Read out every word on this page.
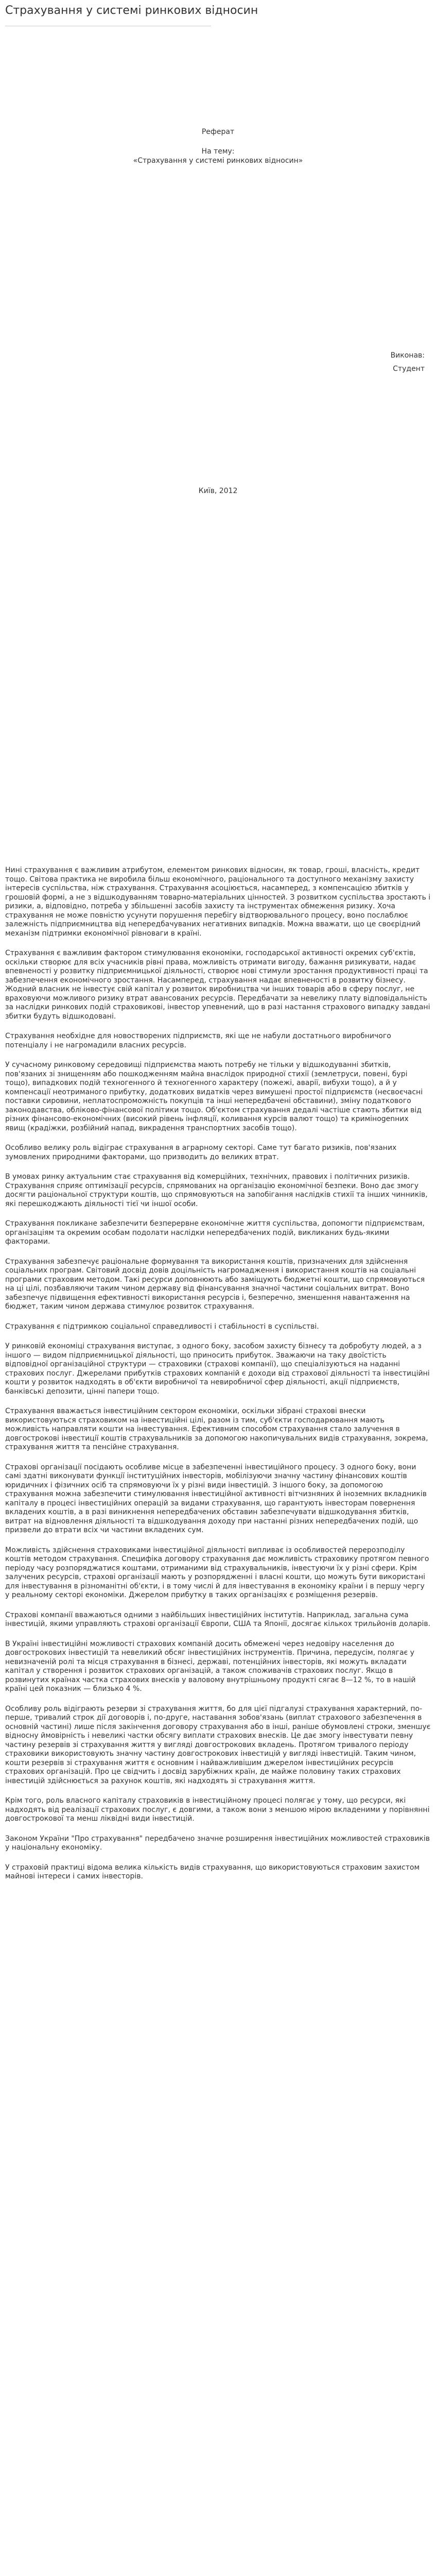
Страхування у системі ринкових відносин
Реферат
На тему:
«Страхування у системі ринкових відносин»
Виконав:
Студент
Київ, 2012

Нині страхування є важливим атрибутом, елементом ринкових відносин, як товар, гроші, власність, кредит тощо. Світова практика не виробила більш економічного, раціонального та доступного механізму захисту інтересів суспільства, ніж страхування. Страхування асоціюється, насамперед, з компенсацією збитків у грошовій формі, а не з відшкодуванням товарно-матеріальних цінностей. З розвитком суспільства зростають і ризики, а, відповідно, потреба у збільшенні засобів захисту та інструментах обмеження ризику. Хоча страхування не може повністю усунути порушення перебігу відтворювального процесу, воно послаблює залежність підприємництва від непередбачуваних негативних випадків. Можна вважати, що це своєрідний механізм підтримки економічної рівноваги в країні.

Страхування є важливим фактором стимулювання економіки, господарської активності окремих суб'єктів, оскільки створює для всіх учасників рівні права, можливість отримати вигоду, бажання ризикувати, надає впевненості у розвитку підприємницької діяльності, створює нові стимули зростання продуктивності праці та забезпечення економічного зростання. Насамперед, страхування надає впевненості в розвитку бізнесу. Жодний власник не інвестує свій капітал у розвиток виробництва чи інших товарів або в сферу послуг, не враховуючи можливого ризику втрат авансованих ресурсів. Передбачати за невелику плату відповідальність за наслідки ринкових подій страховикові, інвестор упевнений, що в разі настання страхового випадку завдані збитки будуть відшкодовані.

Страхування необхідне для новостворених підприємств, які ще не набули достатнього виробничого потенціалу і не нагромадили власних ресурсів.

У сучасному ринковому середовищі підприємства мають потребу не тільки у відшкодуванні збитків, пов'язаних зі знищенням або пошкодженням майна внаслідок природної стихії (землетруси, повені, бурі тощо), випадкових подій техногенного й техногенного характеру (пожежі, аварії, вибухи тощо), а й у компенсації неотриманого прибутку, додаткових видатків через вимушені простої підприємств (несвоєчасні поставки сировини, неплатоспроможність покупців та інші непередбачені обставини), зміну податкового законодавства, обліково-фінансової політики тощо. Об'єктом страхування дедалі частіше стають збитки від різних фінансово-економічних (високий рівень інфляції, коливання курсів валют тощо) та кримінogenних явищ (крадіжки, розбійний напад, викрадення транспортних засобів тощо).

Особливо велику роль відіграє страхування в аграрному секторі. Саме тут багато ризиків, пов'язаних зумовлених природними факторами, що призводить до великих втрат.

В умовах ринку актуальним стає страхування від комерційних, технічних, правових і політичних ризиків. Страхування сприяє оптимізації ресурсів, спрямованих на організацію економічної безпеки. Воно дає змогу досягти раціональної структури коштів, що спрямовуються на запобігання наслідків стихії та інших чинників, які перешкоджають діяльності тієї чи іншої особи.

Страхування покликане забезпечити безперервне економічне життя суспільства, допомогти підприємствам, організаціям та окремим особам подолати наслідки непередбачених подій, викликаних будь-якими факторами.

Страхування забезпечує раціональне формування та використання коштів, призначених для здійснення соціальних програм. Світовий досвід довів доцільність нагромадження і використання коштів на соціальні програми страховим методом. Такі ресурси доповнюють або заміщують бюджетні кошти, що спрямовуються на ці цілі, позбавляючи таким чином державу від фінансування значної частини соціальних витрат. Воно забезпечує підвищення ефективності використання ресурсів і, безперечно, зменшення навантаження на бюджет, таким чином держава стимулює розвиток страхування.

Страхування є підтримкою соціальної справедливості і стабільності в суспільстві.

У ринковій економіці страхування виступає, з одного боку, засобом захисту бізнесу та добробуту людей, а з іншого — видом підприємницької діяльності, що приносить прибуток. Зважаючи на таку двоїстість відповідної організаційної структури — страховики (страхові компанії), що спеціалізуються на наданні страхових послуг. Джерелами прибутків страхових компаній є доходи від страхової діяльності та інвестиційні кошти у розвиток надходять в об'єкти виробничої та невиробничої сфер діяльності, акції підприємств, банківські депозити, цінні папери тощо.

Страхування вважається інвестиційним сектором економіки, оскільки зібрані страхові внески використовуються страховиком на інвестиційні цілі, разом із тим, суб'єкти господарювання мають можливість направляти кошти на інвестування. Ефективним способом страхування стало залучення в довгострокові інвестиції коштів страхувальників за допомогою накопичувальних видів страхування, зокрема, страхування життя та пенсійне страхування.

Страхові організації посідають особливе місце в забезпеченні інвестиційного процесу. З одного боку, вони самі здатні виконувати функції інституційних інвесторів, мобілізуючи значну частину фінансових коштів юридичних і фізичних осіб та спрямовуючи їх у різні види інвестицій. З іншого боку, за допомогою страхування можна забезпечити стимулювання інвестиційної активності вітчизняних й іноземних вкладників капіталу в процесі інвестиційних операцій за видами страхування, що гарантують інвесторам повернення вкладених коштів, а в разі виникнення непередбачених обставин забезпечувати відшкодування збитків, витрат на відновлення діяльності та відшкодування доходу при настанні різних непередбачених подій, що призвели до втрати всіх чи частини вкладених сум.

Можливість здійснення страховиками інвестиційної діяльності випливає із особливостей перерозподілу коштів методом страхування. Специфіка договору страхування дає можливість страховику протягом певного періоду часу розпоряджатися коштами, отриманими від страхувальників, інвестуючи їх у різні сфери. Крім залучених ресурсів, страхові організації мають у розпорядженні і власні кошти, що можуть бути використані для інвестування в різноманітні об'єкти, і в тому числі й для інвестування в економіку країни і в першу чергу у реальному секторі економіки. Джерелом прибутку в таких організаціях є розміщення резервів.

Страхові компанії вважаються одними з найбільших інвестиційних інститутів. Наприклад, загальна сума інвестицій, якими управляють страхові організації Європи, США та Японії, досягає кількох трильйонів доларів.

В Україні інвестиційні можливості страхових компаній досить обмежені через недовіру населення до довгострокових інвестицій та невеликий обсяг інвестиційних інструментів. Причина, передусім, полягає у невизначеній ролі та місця страхування в бізнесі, державі, потенційних інвесторів, які можуть вкладати капітал у створення і розвиток страхових організацій, а також споживачів страхових послуг. Якщо в розвинутих країнах частка страхових внесків у валовому внутрішньому продукті сягає 8—12 %, то в нашій країні цей показник — близько 4 %.

Особливу роль відіграють резерви зі страхування життя, бо для цієї підгалузі страхування характерний, по-перше, тривалий строк дії договорів і, по-друге, наставання зобов'язань (виплат страхового забезпечення в основній частині) лише після закінчення договору страхування або в інші, раніше обумовлені строки, зменшує відносну ймовірність і невеликі частки обсягу виплати страхових внесків. Це дає змогу інвестувати певну частину резервів зі страхування життя у вигляді довгострокових вкладень. Протягом тривалого періоду страховики використовують значну частину довгострокових інвестицій у вигляді інвестицій. Таким чином, кошти резервів зі страхування життя є основним і найважливішим джерелом інвестиційних ресурсів страхових організацій. Про це свідчить і досвід зарубіжних країн, де майже половину таких страхових інвестицій здійснюється за рахунок коштів, які надходять зі страхування життя.

Крім того, роль власного капіталу страховиків в інвестиційному процесі полягає у тому, що ресурси, які надходять від реалізації страхових послуг, є довгими, а також вони з меншою мірою вкладеними у порівнянні довгострокової та менш ліквідні види інвестицій.

Законом України "Про страхування" передбачено значне розширення інвестиційних можливостей страховиків у національну економіку.

У страховій практиці відома велика кількість видів страхування, що використовуються страховим захистом майнові інтереси і самих інвесторів.
